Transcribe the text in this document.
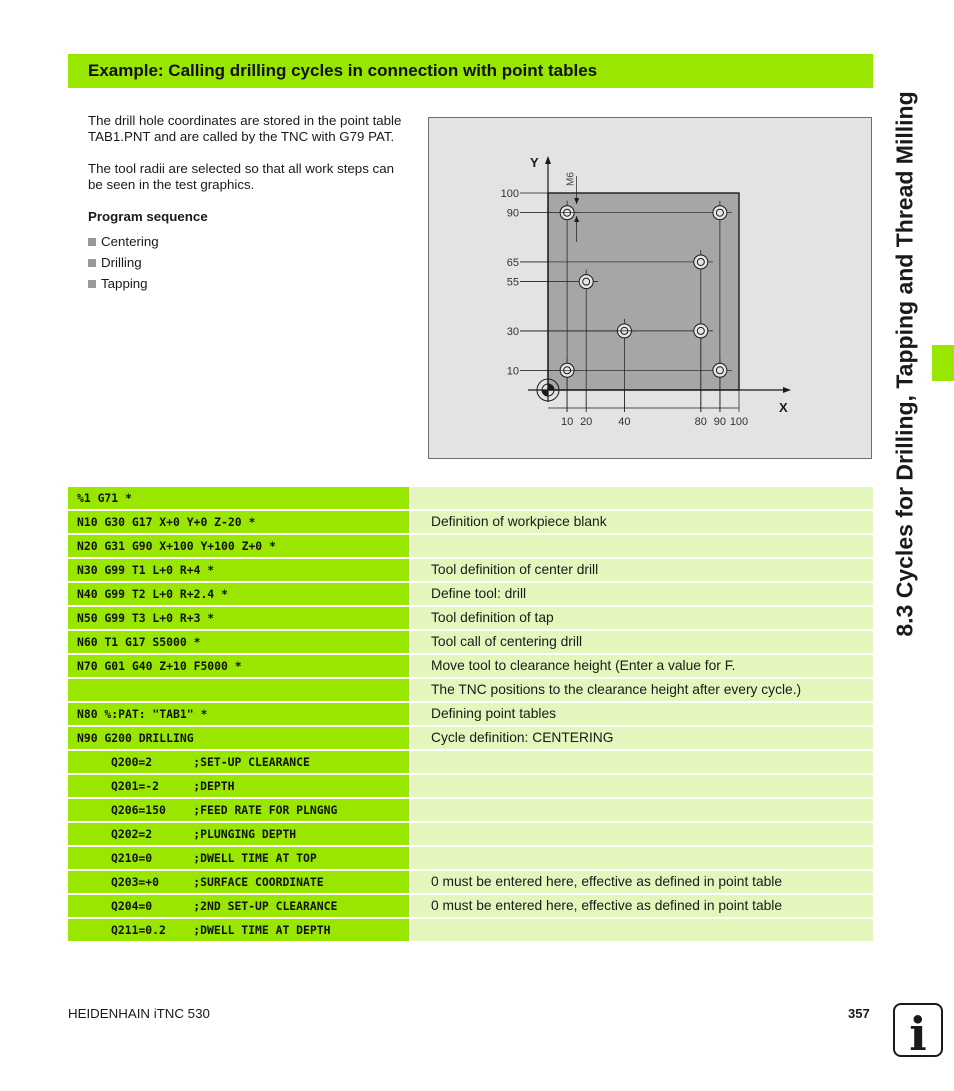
Example: Calling drilling cycles in connection with point tables

The drill hole coordinates are stored in the point table TAB1.PNT and are called by the TNC with G79 PAT.

The tool radii are selected so that all work steps can be seen in the test graphics.

Program sequence
Centering
Drilling
Tapping
Y
X
100
90
65
55
30
10
10 20 40	80 90 100
M6	8.3 Cycles for Drilling, Tapping and Thread Milling
%1 G71 *
N10 G30 G17 X+0 Y+0 Z-20 *	Definition of workpiece blank
N20 G31 G90 X+100 Y+100 Z+0 *
N30 G99 T1 L+0 R+4 *	Tool definition of center drill
N40 G99 T2 L+0 R+2.4 *	Define tool: drill
N50 G99 T3 L+0 R+3 *	Tool definition of tap
N60 T1 G17 S5000 *	Tool call of centering drill
N70 G01 G40 Z+10 F5000 *	Move tool to clearance height (Enter a value for F.
The TNC positions to the clearance height after every cycle.)
N80 %:PAT: "TAB1" *	Defining point tables
N90 G200 DRILLING	Cycle definition: CENTERING
Q200=2      ;SET-UP CLEARANCE
Q201=-2     ;DEPTH
Q206=150    ;FEED RATE FOR PLNGNG
Q202=2      ;PLUNGING DEPTH
Q210=0      ;DWELL TIME AT TOP
Q203=+0     ;SURFACE COORDINATE	0 must be entered here, effective as defined in point table
Q204=0      ;2ND SET-UP CLEARANCE	0 must be entered here, effective as defined in point table
Q211=0.2    ;DWELL TIME AT DEPTH
HEIDENHAIN iTNC 530	357 i
